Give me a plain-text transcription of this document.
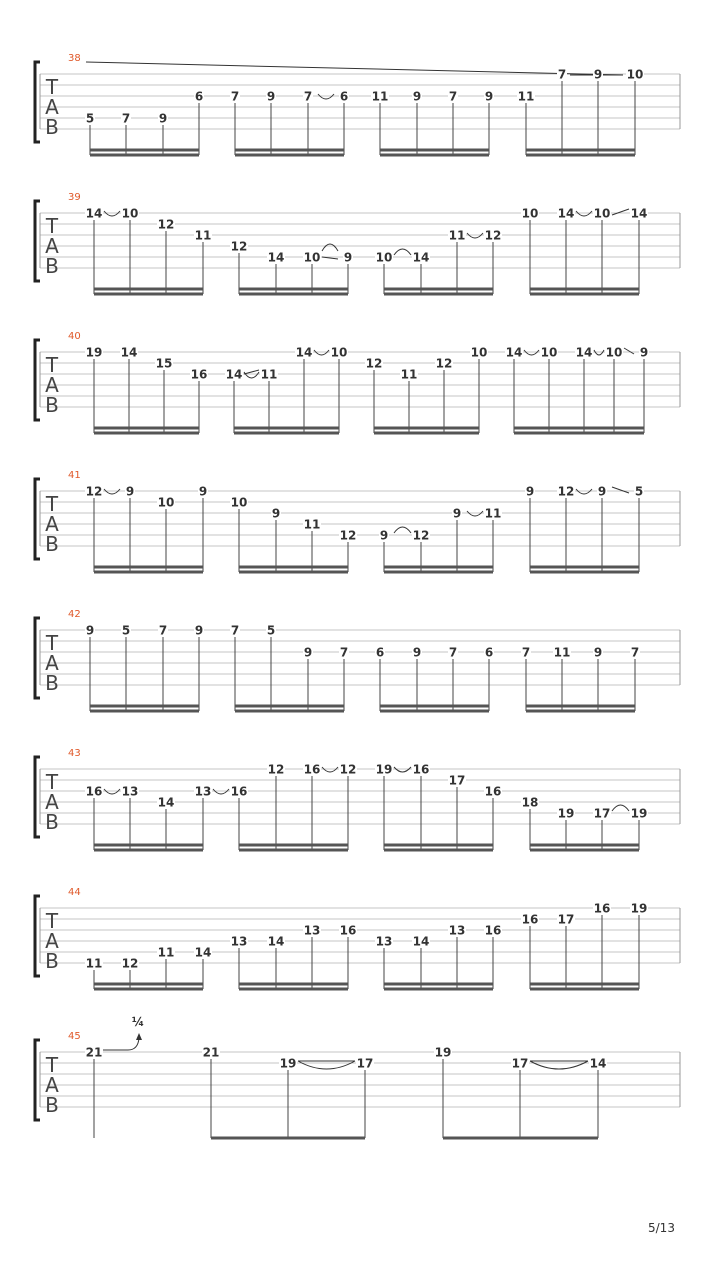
T
A
B
38
5 7 9
6 7 9 7 6 11 9 7 9 11
7 9 10
T
A
B
39
14 10
12
11
12
14 10 9 10 14
11 12
10 14 10 14
T
A
B
40
19 14
15
16 14 11
14 10
12
11
12
10 14 10 14 10 9
T
A
B
41
12 9
10
9
10
9
11
12 9 12
9 11
9 12 9 5
T
A
B
42
9 5 7 9 7 5
9 7 6 9 7 6 7 11 9 7
T
A
B
43
16 13
14
13 16
12 16 12 19 16
17
16
18
19 17 19
T
A
B
44
11 12
11 14
13 14
13 16
13 14
13 16
16 17
16 19
T
A
B
45
¼
21	21
19	17
19
17	14
5/13
